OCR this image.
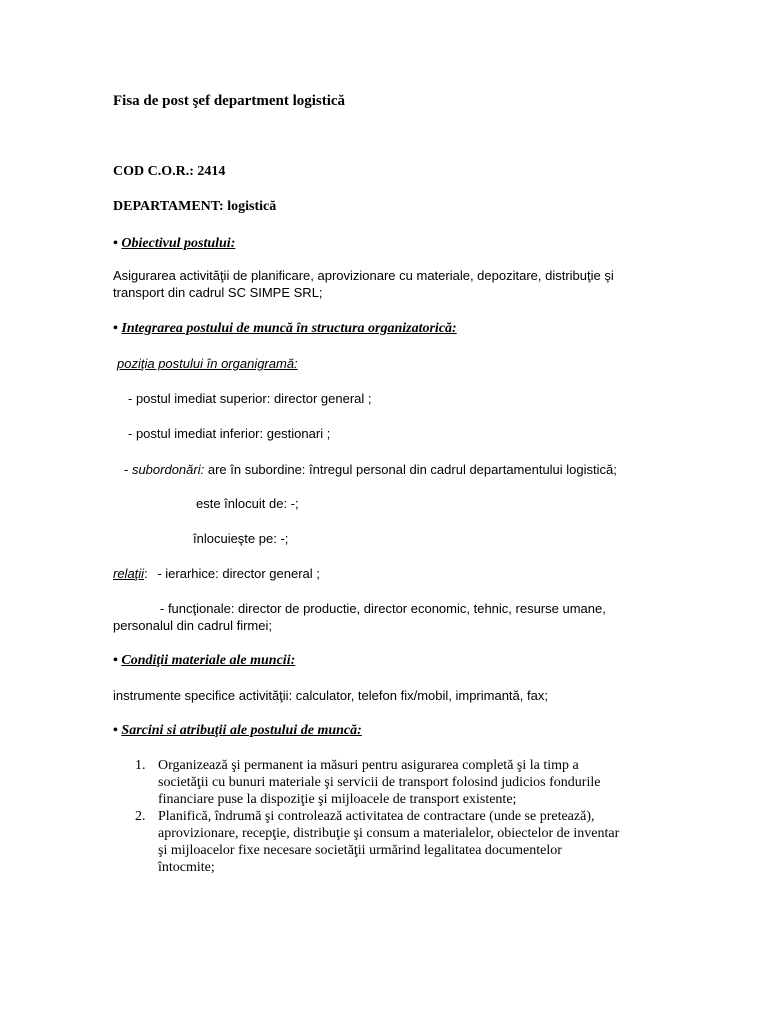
Fisa de post şef department logistică
COD C.O.R.: 2414
DEPARTAMENT: logistică
• Obiectivul postului:
Asigurarea activităţii de planificare, aprovizionare cu materiale, depozitare, distribuţie şi
transport din cadrul SC SIMPE SRL;
• Integrarea postului de muncă în structura organizatorică:
poziţia postului în organigramă:
- postul imediat superior: director general ;
- postul imediat inferior: gestionari ;
- subordonări: are în subordine: întregul personal din cadrul departamentului logistică;
este înlocuit de: -;
înlocuieşte pe: -;
relaţii: - ierarhice: director general ;
- funcţionale: director de productie, director economic, tehnic, resurse umane,
personalul din cadrul firmei;
• Condiţii materiale ale muncii:
instrumente specifice activităţii: calculator, telefon fix/mobil, imprimantă, fax;
• Sarcini si atribuţii ale postului de muncă:
1. Organizează şi permanent ia măsuri pentru asigurarea completă şi la timp a
societăţii cu bunuri materiale şi servicii de transport folosind judicios fondurile
financiare puse la dispoziţie şi mijloacele de transport existente;
2. Planifică, îndrumă şi controlează activitatea de contractare (unde se pretează),
aprovizionare, recepţie, distribuţie şi consum a materialelor, obiectelor de inventar
şi mijloacelor fixe necesare societăţii urmărind legalitatea documentelor
întocmite;
